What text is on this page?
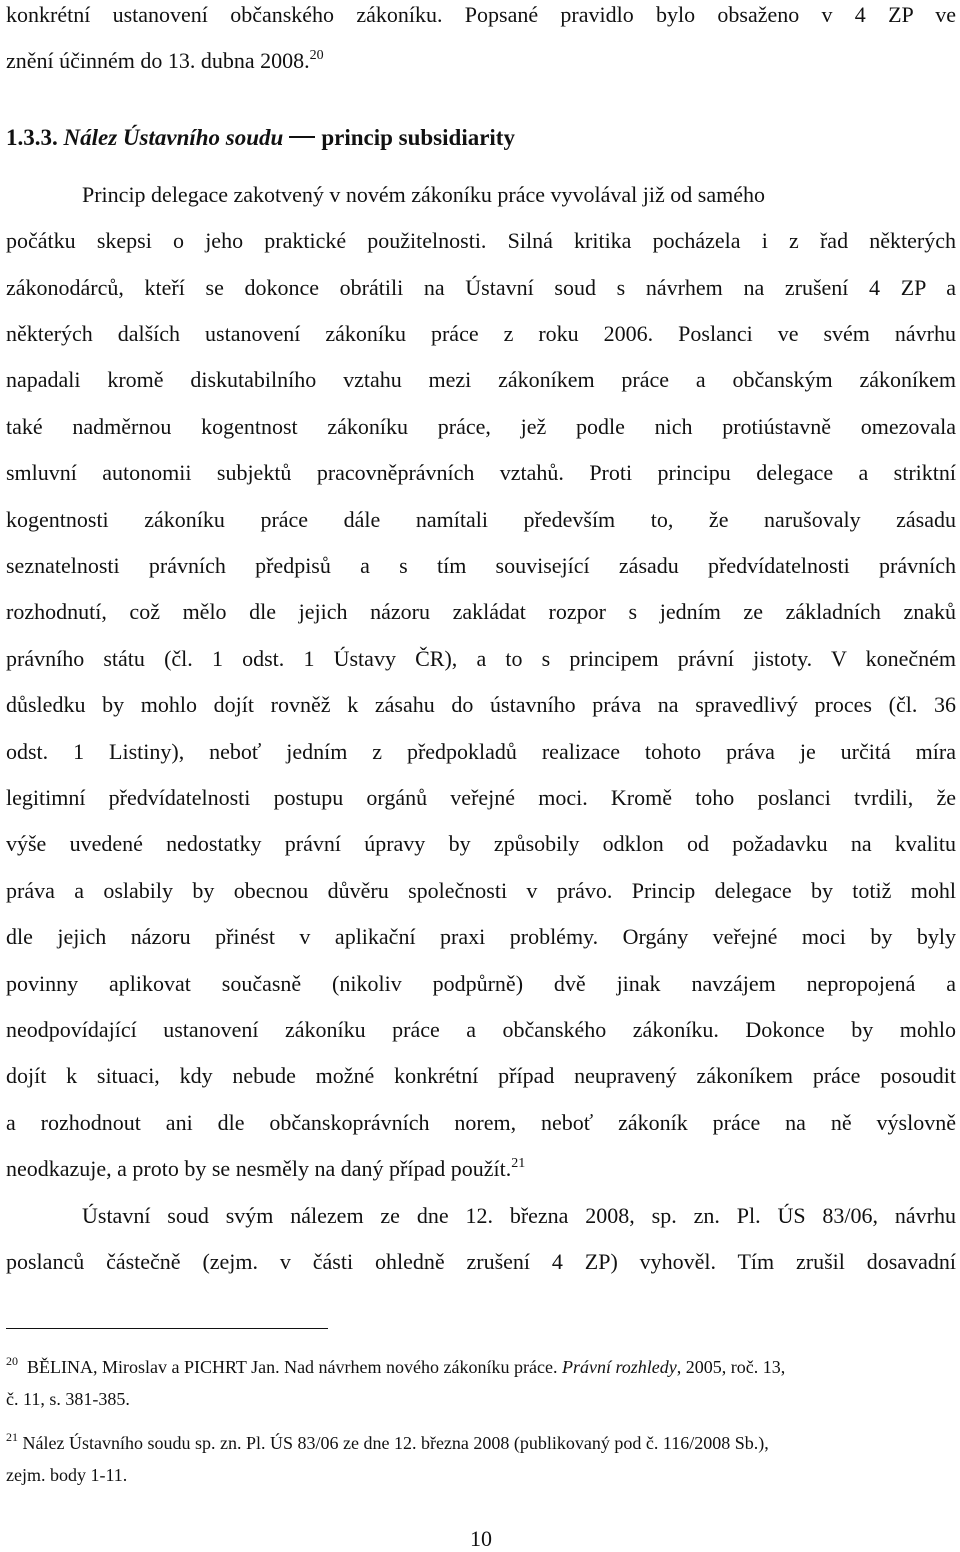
konkrétní ustanovení občanského zákoníku. Popsané pravidlo bylo obsaženo v 4 ZP ve
znění účinném do 13. dubna 2008.20
1.3.3. Nález Ústavního soudu princip subsidiarity
Princip delegace zakotvený v novém zákoníku práce vyvolával již od samého
počátku skepsi o jeho praktické použitelnosti. Silná kritika pocházela i z řad některých
zákonodárců, kteří se dokonce obrátili na Ústavní soud s návrhem na zrušení 4 ZP a
některých dalších ustanovení zákoníku práce z roku 2006. Poslanci ve svém návrhu
napadali kromě diskutabilního vztahu mezi zákoníkem práce a občanským zákoníkem
také nadměrnou kogentnost zákoníku práce, jež podle nich protiústavně omezovala
smluvní autonomii subjektů pracovněprávních vztahů. Proti principu delegace a striktní
kogentnosti zákoníku práce dále namítali především to, že narušovaly zásadu
seznatelnosti právních předpisů a s tím související zásadu předvídatelnosti právních
rozhodnutí, což mělo dle jejich názoru zakládat rozpor s jedním ze základních znaků
právního státu (čl. 1 odst. 1 Ústavy ČR), a to s principem právní jistoty. V konečném
důsledku by mohlo dojít rovněž k zásahu do ústavního práva na spravedlivý proces (čl. 36
odst. 1 Listiny), neboť jedním z předpokladů realizace tohoto práva je určitá míra
legitimní předvídatelnosti postupu orgánů veřejné moci. Kromě toho poslanci tvrdili, že
výše uvedené nedostatky právní úpravy by způsobily odklon od požadavku na kvalitu
práva a oslabily by obecnou důvěru společnosti v právo. Princip delegace by totiž mohl
dle jejich názoru přinést v aplikační praxi problémy. Orgány veřejné moci by byly
povinny aplikovat současně (nikoliv podpůrně) dvě jinak navzájem nepropojená a
neodpovídající ustanovení zákoníku práce a občanského zákoníku. Dokonce by mohlo
dojít k situaci, kdy nebude možné konkrétní případ neupravený zákoníkem práce posoudit
a rozhodnout ani dle občanskoprávních norem, neboť zákoník práce na ně výslovně
neodkazuje, a proto by se nesměly na daný případ použít.$^{21}$
Ústavní soud svým nálezem ze dne 12. března 2008, sp. zn. Pl. ÚS 83/06, návrhu
poslanců částečně (zejm. v části ohledně zrušení 4 ZP) vyhověl. Tím zrušil dosavadní
$^{20}$ BĚLINA, Miroslav a PICHRT Jan. Nad návrhem nového zákoníku práce. Právní rozhledy, 2005, roč. 13,
č. 11, s. 381-385.
$^{21}$ Nález Ústavního soudu sp. zn. Pl. ÚS 83/06 ze dne 12. března 2008 (publikovaný pod č. 116/2008 Sb.),
zejm. body 1-11.
10
